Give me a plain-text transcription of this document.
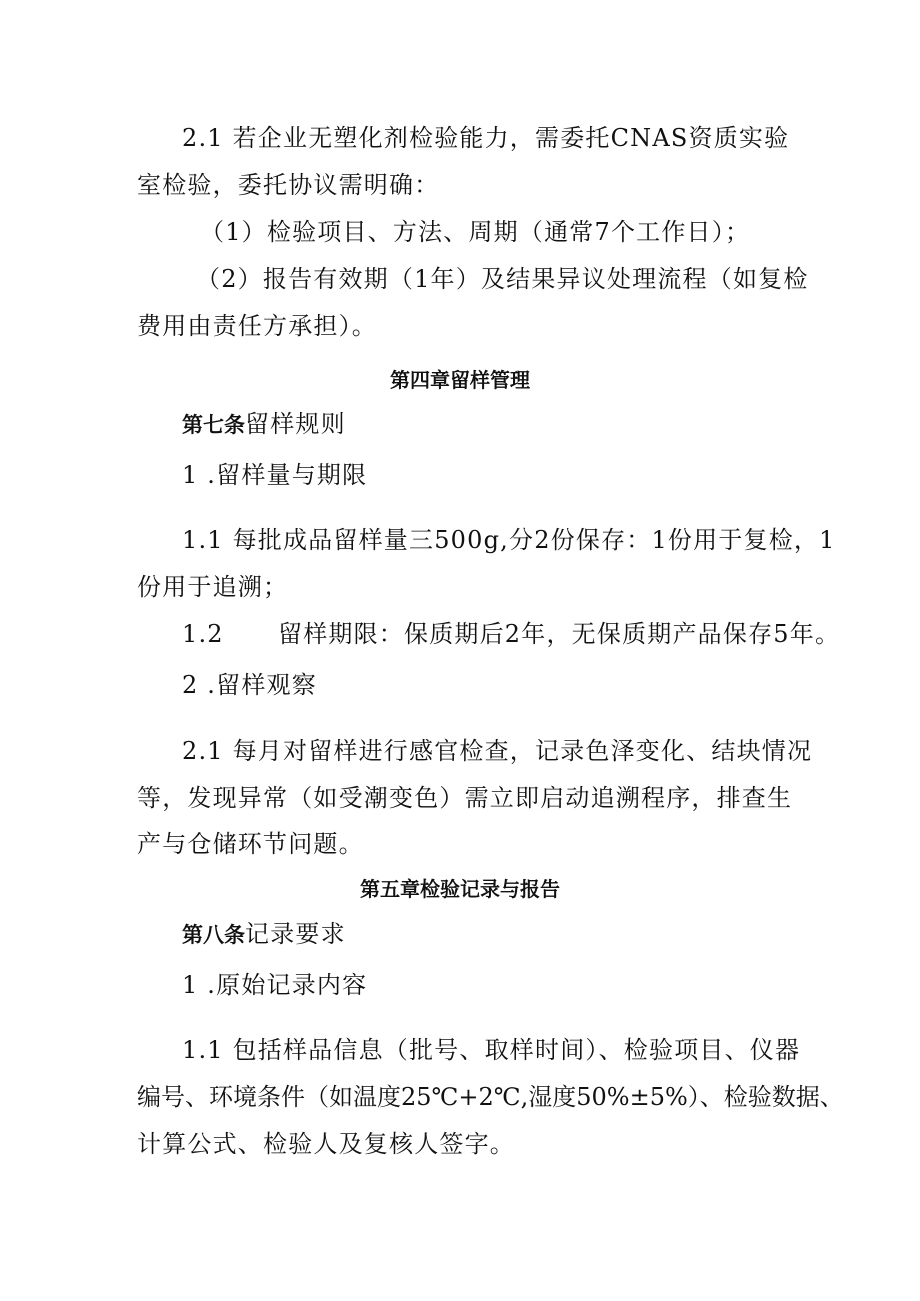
2.1 若企业无塑化剂检验能力，需委托CNAS资质实验
室检验，委托协议需明确：
（1）检验项目、方法、周期（通常7个工作日）；
（2）报告有效期（1年）及结果异议处理流程（如复检
费用由责任方承担）。
第四章留样管理
第七条留样规则
1 .留样量与期限
1.1 每批成品留样量三500g,分2份保存：1份用于复检，1
份用于追溯；
1.2 留样期限：保质期后2年，无保质期产品保存5年。
2 .留样观察
2.1 每月对留样进行感官检查，记录色泽变化、结块情况
等，发现异常（如受潮变色）需立即启动追溯程序，排查生
产与仓储环节问题。
第五章检验记录与报告
第八条记录要求
1 .原始记录内容
1.1 包括样品信息（批号、取样时间）、检验项目、仪器
编号、环境条件（如温度25℃+2℃,湿度50%±5%）、检验数据、
计算公式、检验人及复核人签字。
